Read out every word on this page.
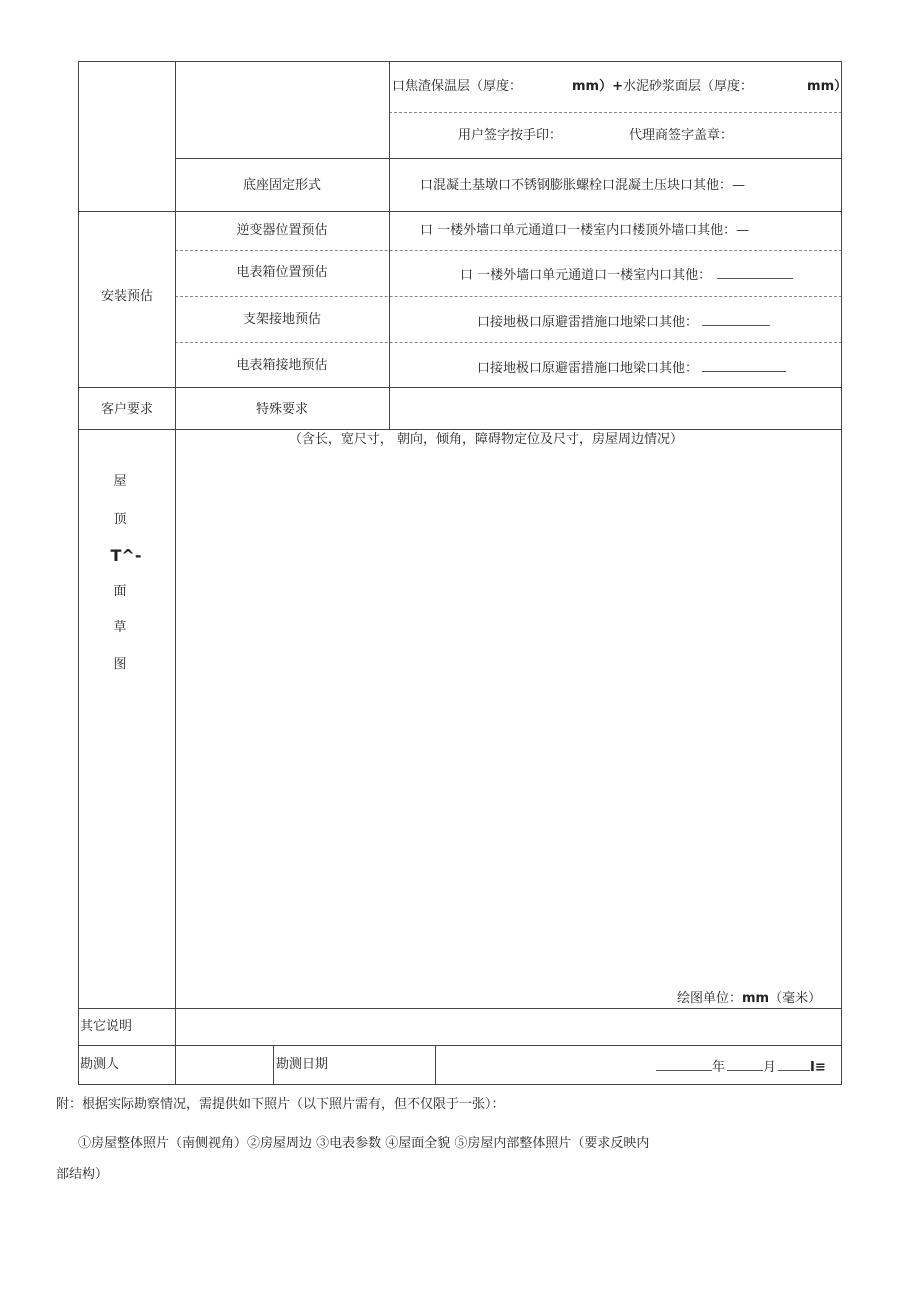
口焦渣保温层（厚度：	mm）+水泥砂浆面层（厚度：	mm）
用户签字按手印：	代理商签字盖章：
底座固定形式	口混凝土基墩口不锈钢膨胀螺栓口混凝土压块口其他：—
安装预估
逆变器位置预估	口 一楼外墙口单元通道口一楼室内口楼顶外墙口其他：—
电表箱位置预估	口 一楼外墙口单元通道口一楼室内口其他：
支架接地预估	口接地极口原避雷措施口地梁口其他：
电表箱接地预估	口接地极口原避雷措施口地梁口其他：
客户要求	特殊要求
屋
顶
T^-
面
草
图
（含长，宽尺寸， 朝向，倾角，障碍物定位及尺寸，房屋周边情况）
绘图单位：mm（毫米）
其它说明
勘测人	勘测日期	年	月	I≡
附：根据实际勘察情况，需提供如下照片（以下照片需有，但不仅限于一张）：
①房屋整体照片（南侧视角）②房屋周边 ③电表参数 ④屋面全貌 ⑤房屋内部整体照片（要求反映内
部结构）
